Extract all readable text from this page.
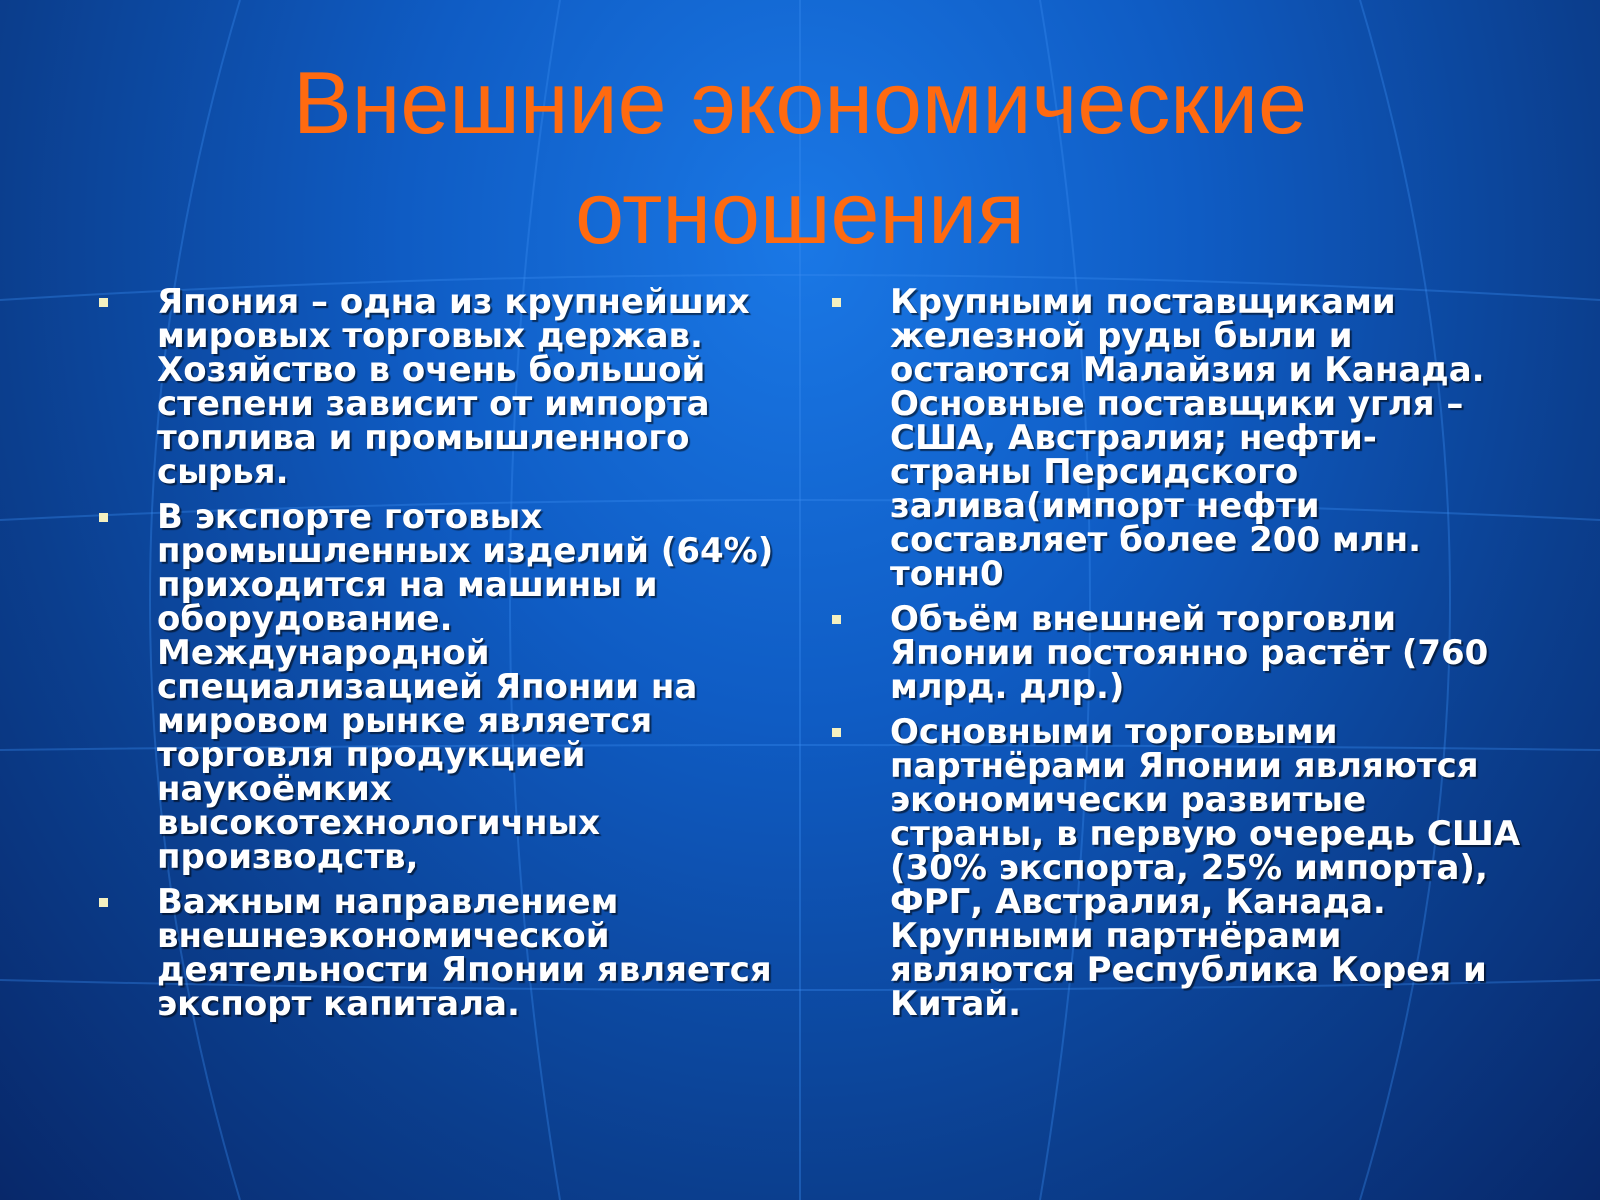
Внешние экономические
отношения
Япония – одна из крупнейших мировых торговых держав. Хозяйство в очень большой степени зависит от импорта топлива и промышленного сырья.
В экспорте готовых промышленных изделий (64%) приходится на машины и оборудование. Международной специализацией Японии на мировом рынке является торговля продукцией наукоёмких высокотехнологичных производств,
Важным направлением внешнеэкономической деятельности Японии является экспорт капитала.
Крупными поставщиками железной руды были и остаются Малайзия и Канада. Основные поставщики угля – США, Австралия; нефти- страны Персидского залива(импорт нефти составляет более 200 млн. тонн0
Объём внешней торговли Японии постоянно растёт (760 млрд. длр.)
Основными торговыми партнёрами Японии являются экономически развитые страны, в первую очередь США (30% экспорта, 25% импорта), ФРГ, Австралия, Канада. Крупными партнёрами являются Республика Корея и Китай.
